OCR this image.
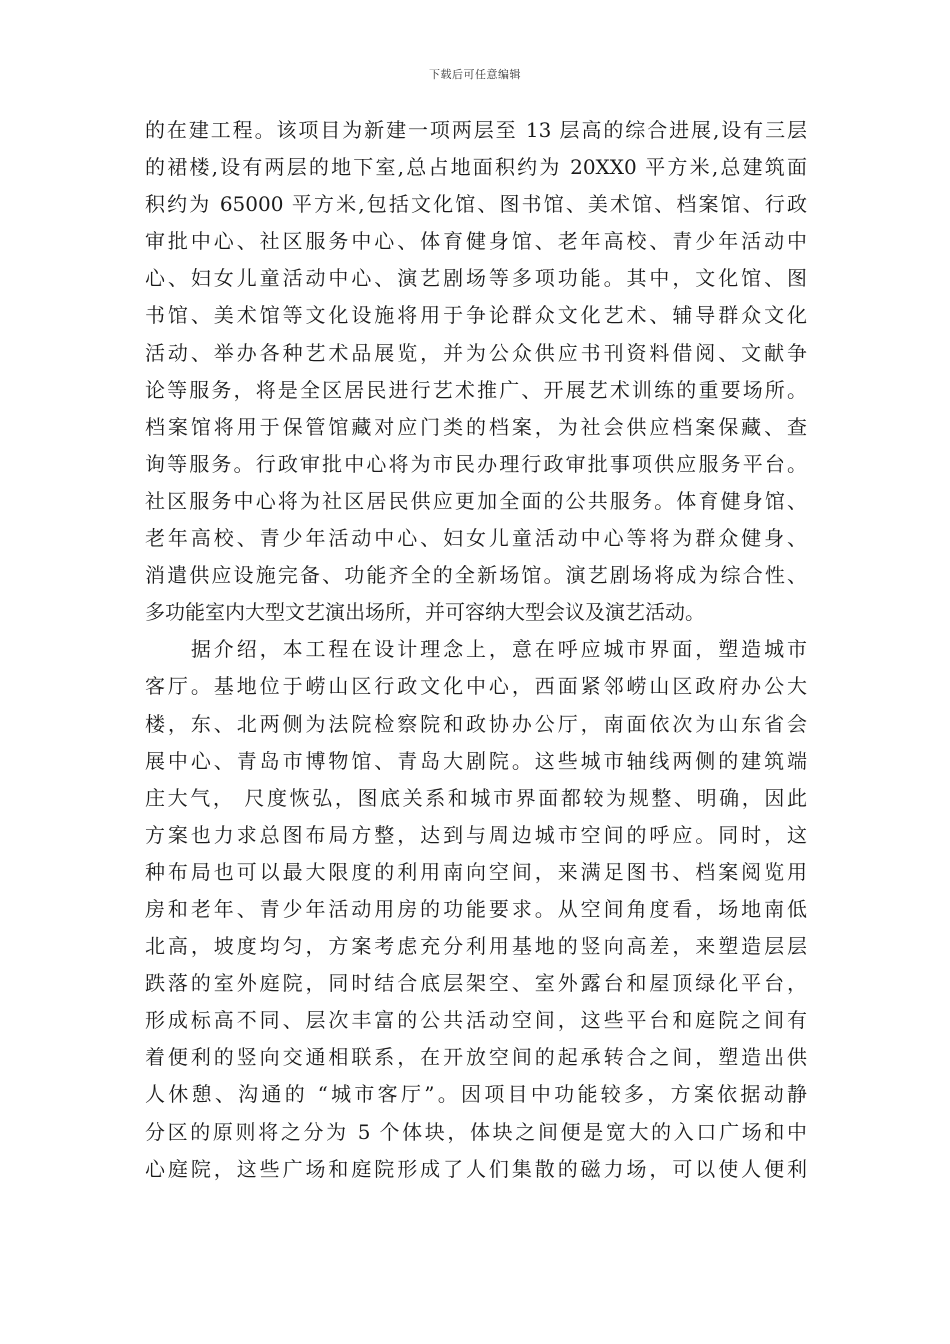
下载后可任意编辑
的在建工程。该项目为新建一项两层至 13 层高的综合进展,设有三层
的裙楼,设有两层的地下室,总占地面积约为 20XX0 平方米,总建筑面
积约为 65000 平方米,包括文化馆、图书馆、美术馆、档案馆、行政
审批中心、社区服务中心、体育健身馆、老年高校、青少年活动中
心、妇女儿童活动中心、演艺剧场等多项功能。其中，文化馆、图
书馆、美术馆等文化设施将用于争论群众文化艺术、辅导群众文化
活动、举办各种艺术品展览，并为公众供应书刊资料借阅、文献争
论等服务，将是全区居民进行艺术推广、开展艺术训练的重要场所。
档案馆将用于保管馆藏对应门类的档案，为社会供应档案保藏、查
询等服务。行政审批中心将为市民办理行政审批事项供应服务平台。
社区服务中心将为社区居民供应更加全面的公共服务。体育健身馆、
老年高校、青少年活动中心、妇女儿童活动中心等将为群众健身、
消遣供应设施完备、功能齐全的全新场馆。演艺剧场将成为综合性、
多功能室内大型文艺演出场所，并可容纳大型会议及演艺活动。
　　据介绍，本工程在设计理念上，意在呼应城市界面，塑造城市
客厅。基地位于崂山区行政文化中心，西面紧邻崂山区政府办公大
楼，东、北两侧为法院检察院和政协办公厅，南面依次为山东省会
展中心、青岛市博物馆、青岛大剧院。这些城市轴线两侧的建筑端
庄大气， 尺度恢弘，图底关系和城市界面都较为规整、明确，因此
方案也力求总图布局方整，达到与周边城市空间的呼应。同时，这
种布局也可以最大限度的利用南向空间，来满足图书、档案阅览用
房和老年、青少年活动用房的功能要求。从空间角度看，场地南低
北高，坡度均匀，方案考虑充分利用基地的竖向高差，来塑造层层
跌落的室外庭院，同时结合底层架空、室外露台和屋顶绿化平台，
形成标高不同、层次丰富的公共活动空间，这些平台和庭院之间有
着便利的竖向交通相联系，在开放空间的起承转合之间，塑造出供
人休憩、沟通的 “城市客厅”。因项目中功能较多，方案依据动静
分区的原则将之分为 5 个体块，体块之间便是宽大的入口广场和中
心庭院，这些广场和庭院形成了人们集散的磁力场，可以使人便利
